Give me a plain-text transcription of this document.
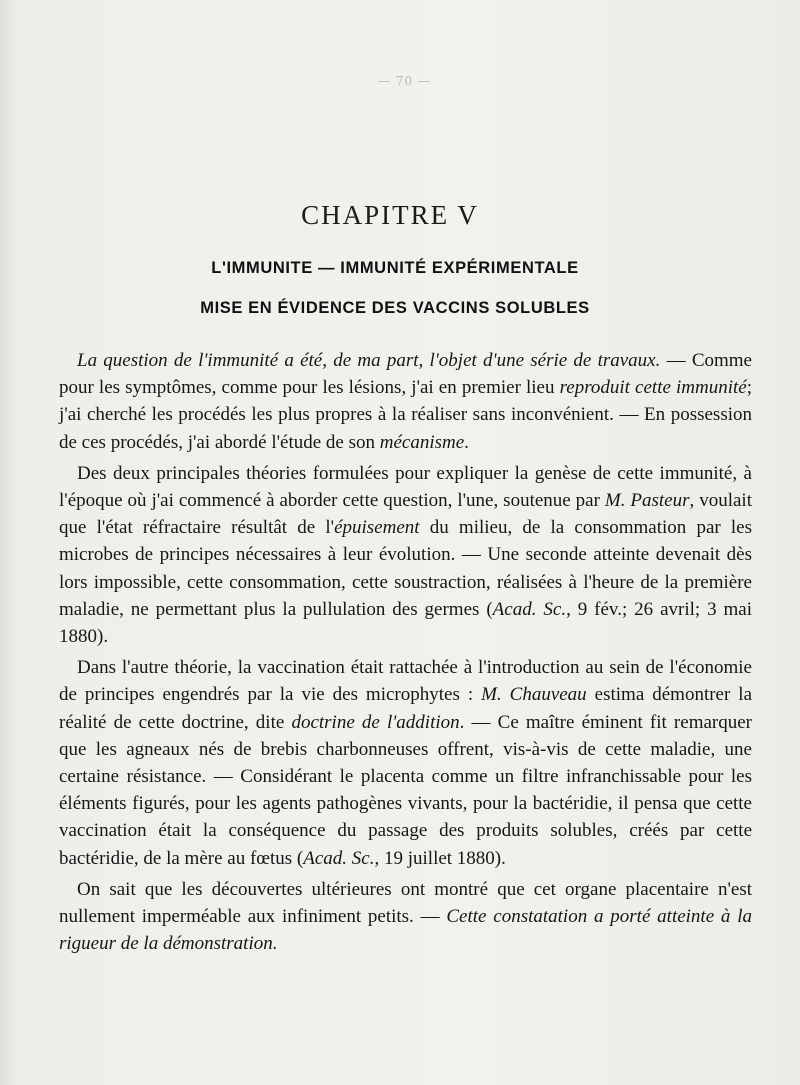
— 70 —
CHAPITRE V
L'IMMUNITE — IMMUNITÉ EXPÉRIMENTALE
MISE EN ÉVIDENCE DES VACCINS SOLUBLES

La question de l'immunité a été, de ma part, l'objet d'une série de travaux. — Comme pour les symptômes, comme pour les lésions, j'ai en premier lieu reproduit cette immunité; j'ai cherché les procédés les plus propres à la réaliser sans inconvénient. — En possession de ces procédés, j'ai abordé l'étude de son mécanisme.

Des deux principales théories formulées pour expliquer la genèse de cette immunité, à l'époque où j'ai commencé à aborder cette question, l'une, soutenue par M. Pasteur, voulait que l'état réfractaire résultât de l'épuisement du milieu, de la consommation par les microbes de principes nécessaires à leur évolution. — Une seconde atteinte devenait dès lors impossible, cette consommation, cette soustraction, réalisées à l'heure de la première maladie, ne permettant plus la pullulation des germes (Acad. Sc., 9 fév.; 26 avril; 3 mai 1880).

Dans l'autre théorie, la vaccination était rattachée à l'introduction au sein de l'économie de principes engendrés par la vie des microphytes : M. Chauveau estima démontrer la réalité de cette doctrine, dite doctrine de l'addition. — Ce maître éminent fit remarquer que les agneaux nés de brebis charbonneuses offrent, vis-à-vis de cette maladie, une certaine résistance. — Considérant le placenta comme un filtre infranchissable pour les éléments figurés, pour les agents pathogènes vivants, pour la bactéridie, il pensa que cette vaccination était la conséquence du passage des produits solubles, créés par cette bactéridie, de la mère au fœtus (Acad. Sc., 19 juillet 1880).

On sait que les découvertes ultérieures ont montré que cet organe placentaire n'est nullement imperméable aux infiniment petits. — Cette constatation a porté atteinte à la rigueur de la démonstration.
